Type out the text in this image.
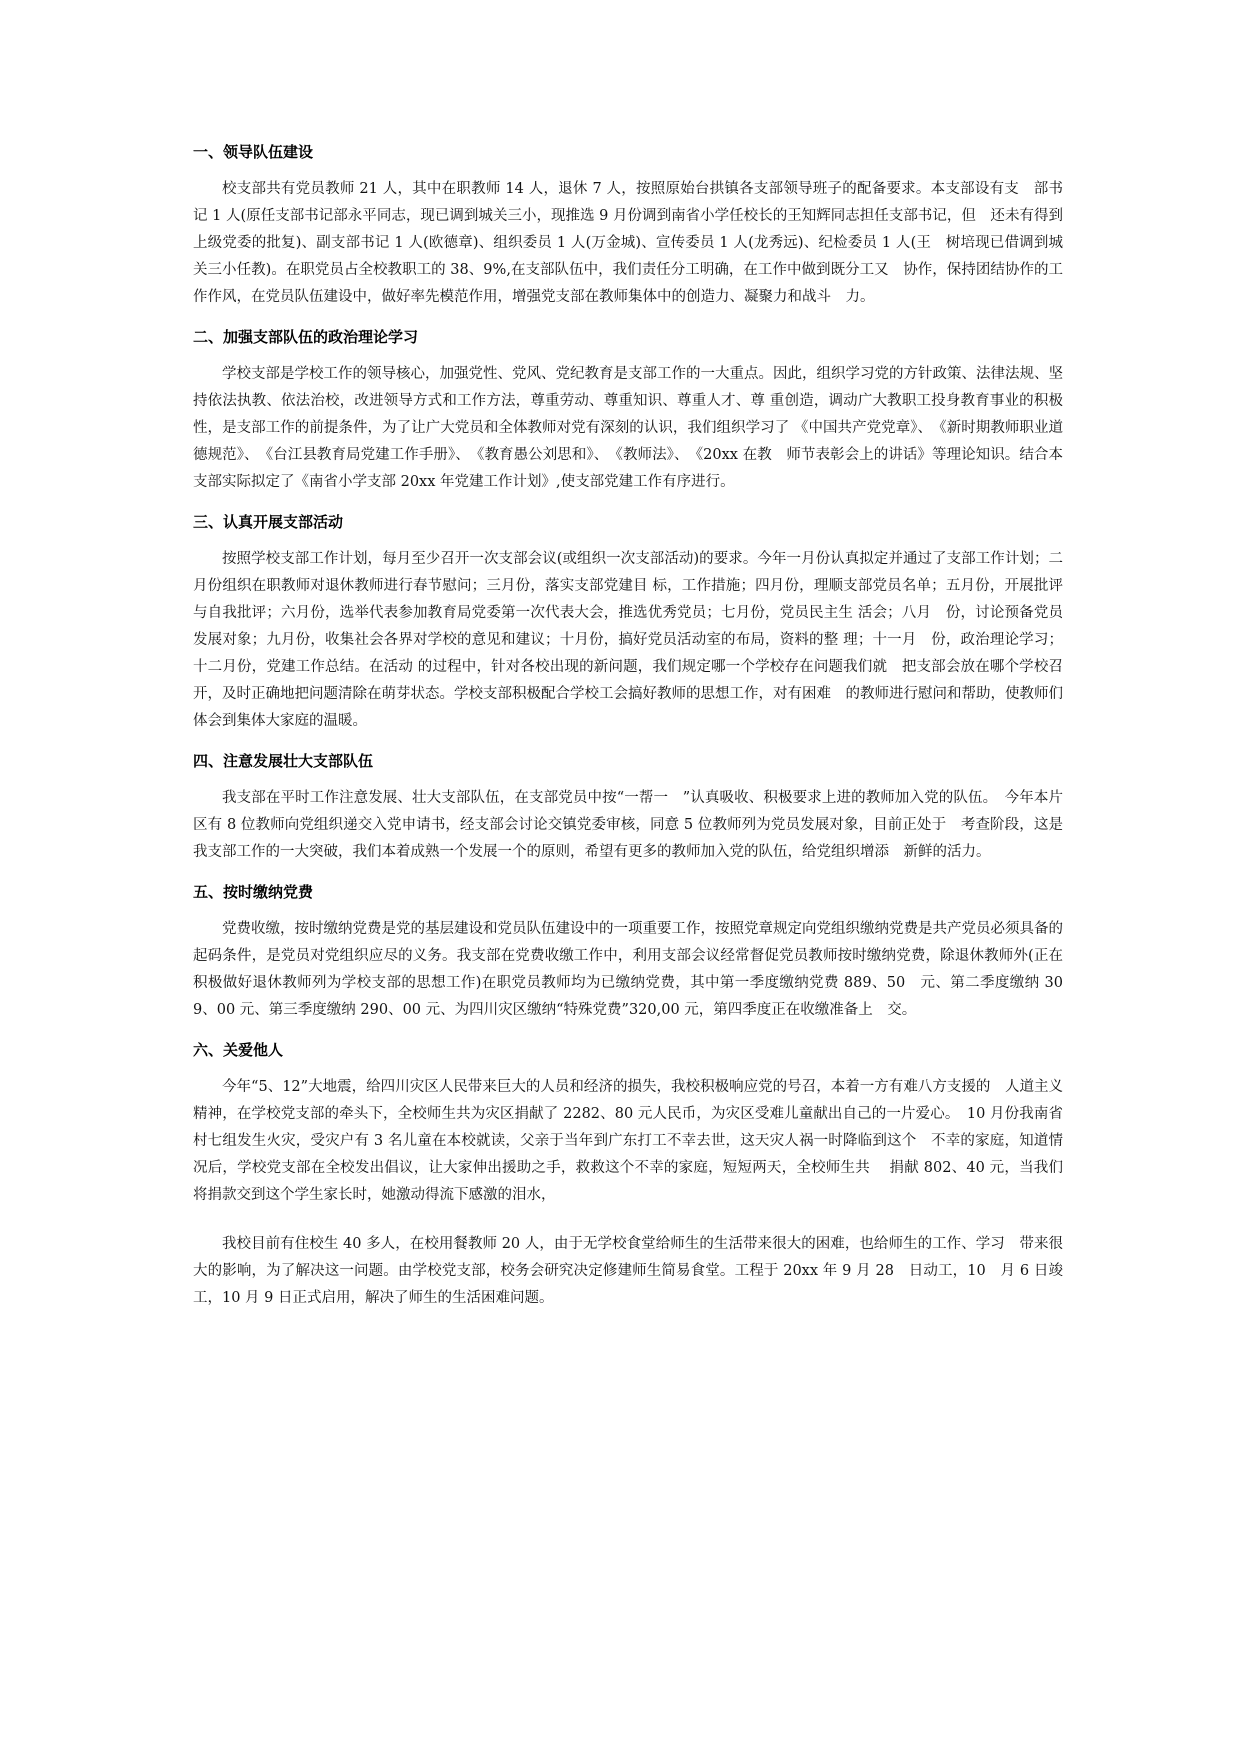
一、领导队伍建设

校支部共有党员教师 21 人，其中在职教师 14 人，退休 7 人，按照原始台拱镇各支部领导班子的配备要求。本支部设有支　部书记 1 人(原任支部书记部永平同志，现已调到城关三小，现推选 9 月份调到南省小学任校长的王知辉同志担任支部书记，但　还未有得到上级党委的批复)、副支部书记 1 人(欧德章)、组织委员 1 人(万金城)、宣传委员 1 人(龙秀远)、纪检委员 1 人(王　树培现已借调到城关三小任教)。在职党员占全校教职工的 38、9%,在支部队伍中，我们责任分工明确，在工作中做到既分工又　协作，保持团结协作的工作作风，在党员队伍建设中，做好率先模范作用，增强党支部在教师集体中的创造力、凝聚力和战斗　力。

二、加强支部队伍的政治理论学习

学校支部是学校工作的领导核心，加强党性、党风、党纪教育是支部工作的一大重点。因此，组织学习党的方针政策、法律法规、坚持依法执教、依法治校，改进领导方式和工作方法，尊重劳动、尊重知识、尊重人才、尊 重创造，调动广大教职工投身教育事业的积极性，是支部工作的前提条件，为了让广大党员和全体教师对党有深刻的认识，我们组织学习了 《中国共产党党章》、　《新时期教师职业道德规范》、　《台江县教育局党建工作手册》、　《教育愚公刘思和》、　《教师法》、　《20xx 在教　师节表彰会上的讲话》等理论知识。结合本支部实际拟定了《南省小学支部 20xx 年党建工作计划》,使支部党建工作有序进行。

三、认真开展支部活动

按照学校支部工作计划，每月至少召开一次支部会议(或组织一次支部活动)的要求。今年一月份认真拟定并通过了支部工作计划；二月份组织在职教师对退休教师进行春节慰问；三月份，落实支部党建目 标，工作措施；四月份，理顺支部党员名单；五月份，开展批评与自我批评；六月份，选举代表参加教育局党委第一次代表大会，推选优秀党员；七月份，党员民主生 活会；八月　份，讨论预备党员发展对象；九月份，收集社会各界对学校的意见和建议；十月份，搞好党员活动室的布局，资料的整 理；十一月　份，政治理论学习；十二月份，党建工作总结。在活动 的过程中，针对各校出现的新问题，我们规定哪一个学校存在问题我们就　把支部会放在哪个学校召开，及时正确地把问题清除在萌芽状态。学校支部积极配合学校工会搞好教师的思想工作，对有困难　的教师进行慰问和帮助，使教师们体会到集体大家庭的温暖。

四、注意发展壮大支部队伍

我支部在平时工作注意发展、壮大支部队伍，在支部党员中按“一帮一　”认真吸收、积极要求上进的教师加入党的队伍。　今年本片区有 8 位教师向党组织递交入党申请书，经支部会讨论交镇党委审核，同意 5 位教师列为党员发展对象，目前正处于　考查阶段，这是我支部工作的一大突破，我们本着成熟一个发展一个的原则，希望有更多的教师加入党的队伍，给党组织增添　新鲜的活力。

五、按时缴纳党费

党费收缴，按时缴纳党费是党的基层建设和党员队伍建设中的一项重要工作，按照党章规定向党组织缴纳党费是共产党员必须具备的起码条件，是党员对党组织应尽的义务。我支部在党费收缴工作中，利用支部会议经常督促党员教师按时缴纳党费，除退休教师外(正在积极做好退休教师列为学校支部的思想工作)在职党员教师均为已缴纳党费，其中第一季度缴纳党费 889、50　元、第二季度缴纳 309、00 元、第三季度缴纳 290、00 元、为四川灾区缴纳“特殊党费”320,00 元，第四季度正在收缴准备上　交。

六、关爱他人

今年“5、12”大地震，给四川灾区人民带来巨大的人员和经济的损失，我校积极响应党的号召，本着一方有难八方支援的　人道主义精神，在学校党支部的牵头下，全校师生共为灾区捐献了 2282、80 元人民币，为灾区受难儿童献出自己的一片爱心。　10 月份我南省村七组发生火灾，受灾户有 3 名儿童在本校就读，父亲于当年到广东打工不幸去世，这天灾人祸一时降临到这个　不幸的家庭，知道情况后，学校党支部在全校发出倡议，让大家伸出援助之手，救救这个不幸的家庭，短短两天，全校师生共　 捐献 802、40 元，当我们将捐款交到这个学生家长时，她激动得流下感激的泪水，

我校目前有住校生 40 多人，在校用餐教师 20 人，由于无学校食堂给师生的生活带来很大的困难，也给师生的工作、学习　带来很大的影响，为了解决这一问题。由学校党支部，校务会研究决定修建师生简易食堂。工程于 20xx 年 9 月 28　日动工，10　月 6 日竣工，10 月 9 日正式启用，解决了师生的生活困难问题。
